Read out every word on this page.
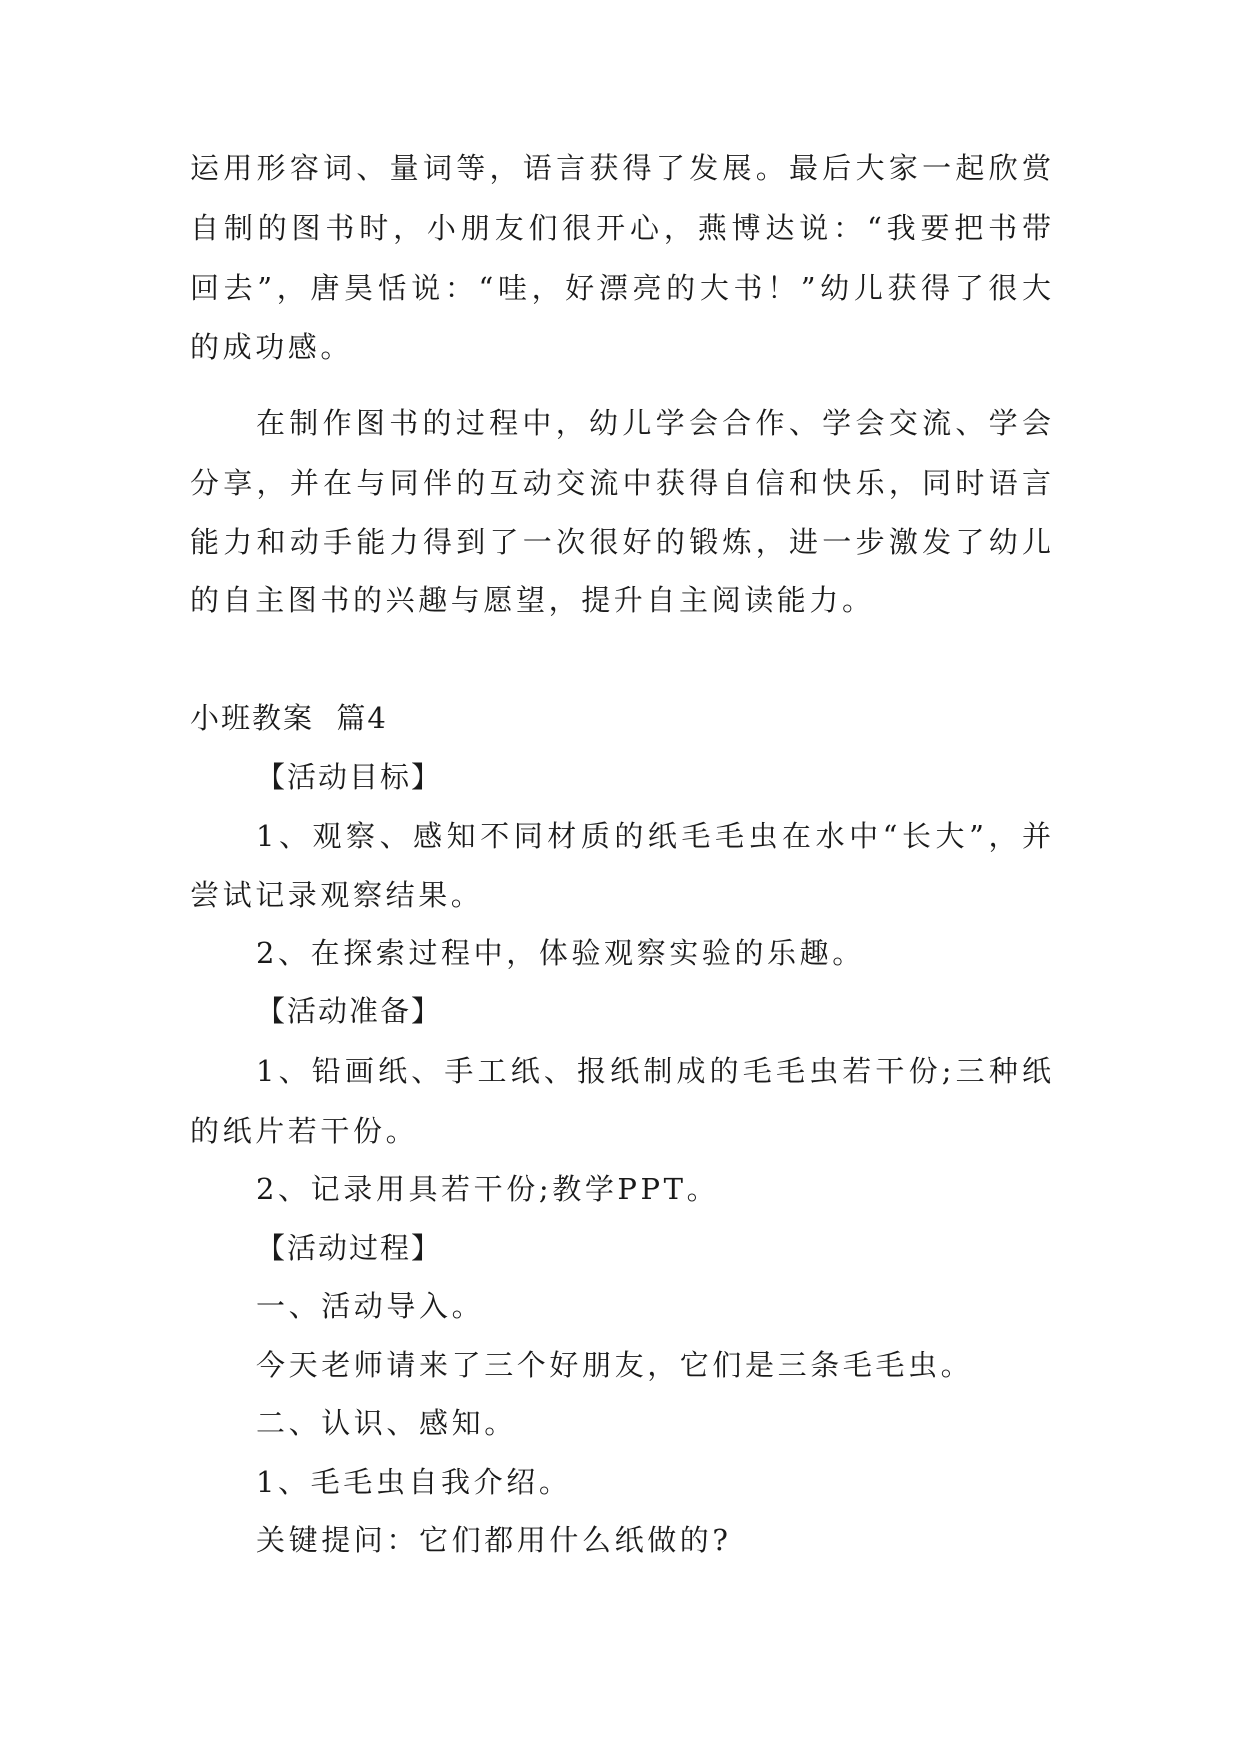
运用形容词、量词等，语言获得了发展。最后大家一起欣赏
自制的图书时，小朋友们很开心，燕博达说：“我要把书带
回去”，唐昊恬说：“哇，好漂亮的大书！”幼儿获得了很大
的成功感。
在制作图书的过程中，幼儿学会合作、学会交流、学会
分享，并在与同伴的互动交流中获得自信和快乐，同时语言
能力和动手能力得到了一次很好的锻炼，进一步激发了幼儿
的自主图书的兴趣与愿望，提升自主阅读能力。
小班教案  篇4
【活动目标】
1、观察、感知不同材质的纸毛毛虫在水中“长大”，并
尝试记录观察结果。
2、在探索过程中，体验观察实验的乐趣。
【活动准备】
1、铅画纸、手工纸、报纸制成的毛毛虫若干份;三种纸
的纸片若干份。
2、记录用具若干份;教学PPT。
【活动过程】
一、活动导入。
今天老师请来了三个好朋友，它们是三条毛毛虫。
二、认识、感知。
1、毛毛虫自我介绍。
关键提问：它们都用什么纸做的?
